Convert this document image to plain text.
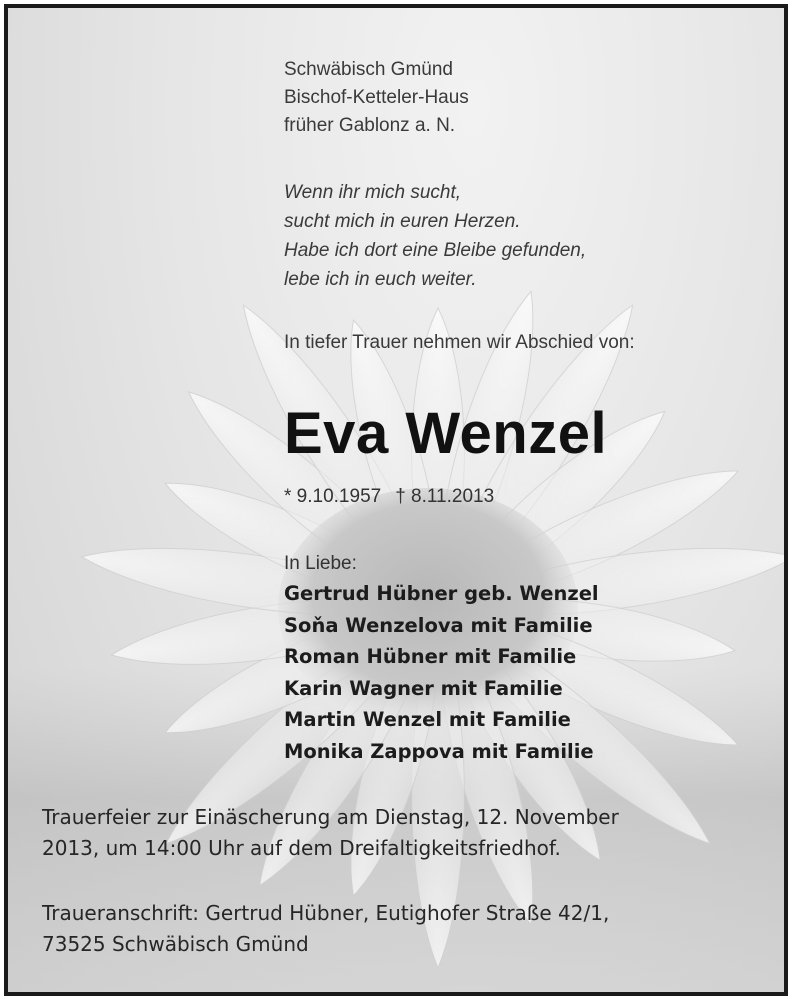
Schwäbisch Gmünd
Bischof-Ketteler-Haus
früher Gablonz a. N.
Wenn ihr mich sucht,
sucht mich in euren Herzen.
Habe ich dort eine Bleibe gefunden,
lebe ich in euch weiter.
In tiefer Trauer nehmen wir Abschied von:
Eva Wenzel
* 9.10.1957 † 8.11.2013
In Liebe:
Gertrud Hübner geb. Wenzel
Soňa Wenzelova mit Familie
Roman Hübner mit Familie
Karin Wagner mit Familie
Martin Wenzel mit Familie
Monika Zappova mit Familie
Trauerfeier zur Einäscherung am Dienstag, 12. November
2013, um 14:00 Uhr auf dem Dreifaltigkeitsfriedhof.
Traueranschrift: Gertrud Hübner, Eutighofer Straße 42/1,
73525 Schwäbisch Gmünd
